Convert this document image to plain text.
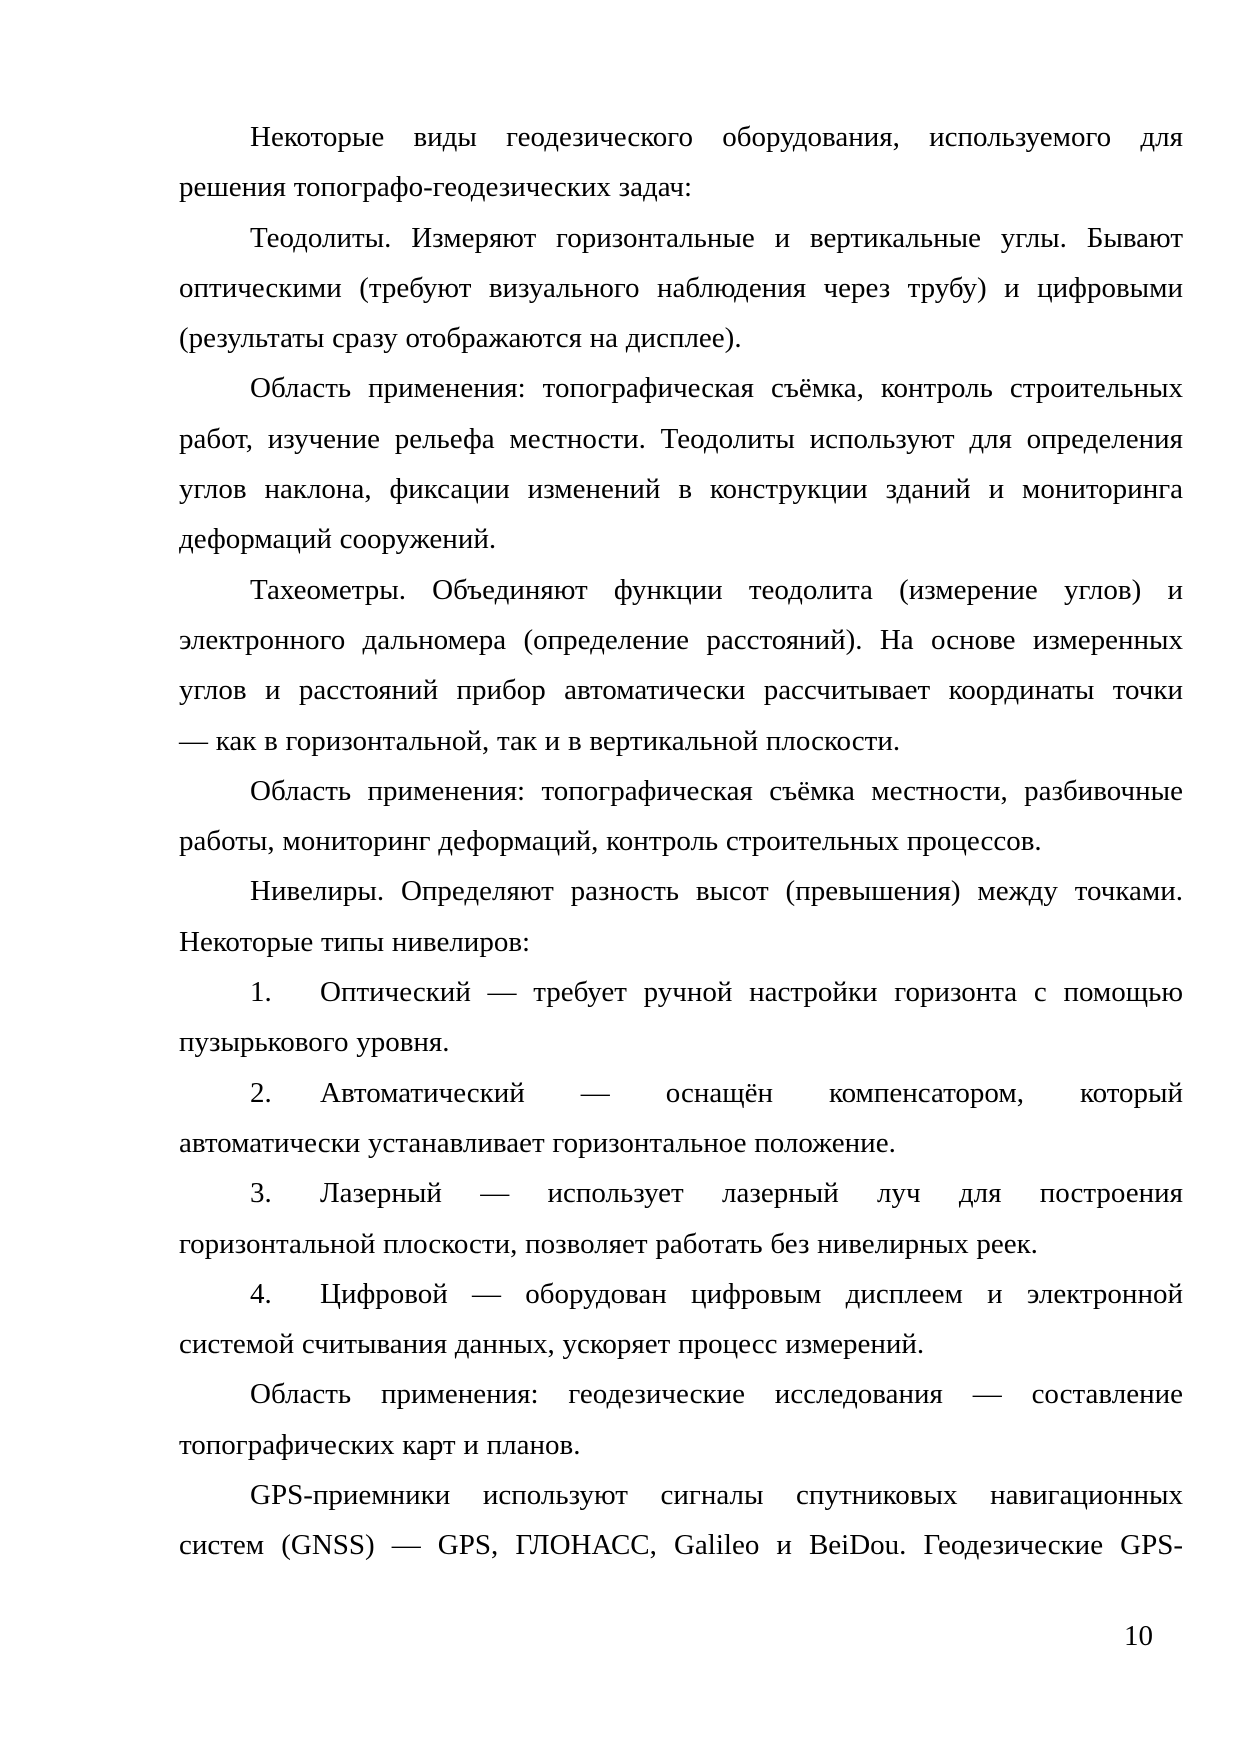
Некоторые виды геодезического оборудования, используемого для
решения топографо-геодезических задач:
Теодолиты. Измеряют горизонтальные и вертикальные углы. Бывают
оптическими (требуют визуального наблюдения через трубу) и цифровыми
(результаты сразу отображаются на дисплее).
Область применения: топографическая съёмка, контроль строительных
работ, изучение рельефа местности. Теодолиты используют для определения
углов наклона, фиксации изменений в конструкции зданий и мониторинга
деформаций сооружений.
Тахеометры. Объединяют функции теодолита (измерение углов) и
электронного дальномера (определение расстояний). На основе измеренных
углов и расстояний прибор автоматически рассчитывает координаты точки
— как в горизонтальной, так и в вертикальной плоскости.
Область применения: топографическая съёмка местности, разбивочные
работы, мониторинг деформаций, контроль строительных процессов.
Нивелиры. Определяют разность высот (превышения) между точками.
Некоторые типы нивелиров:
1. Оптический — требует ручной настройки горизонта с помощью
пузырькового уровня.
2. Автоматический — оснащён компенсатором, который
автоматически устанавливает горизонтальное положение.
3. Лазерный — использует лазерный луч для построения
горизонтальной плоскости, позволяет работать без нивелирных реек.
4. Цифровой — оборудован цифровым дисплеем и электронной
системой считывания данных, ускоряет процесс измерений.
Область применения: геодезические исследования — составление
топографических карт и планов.
GPS-приемники используют сигналы спутниковых навигационных
систем (GNSS) — GPS, ГЛОНАСС, Galileo и BeiDou. Геодезические GPS-
10
